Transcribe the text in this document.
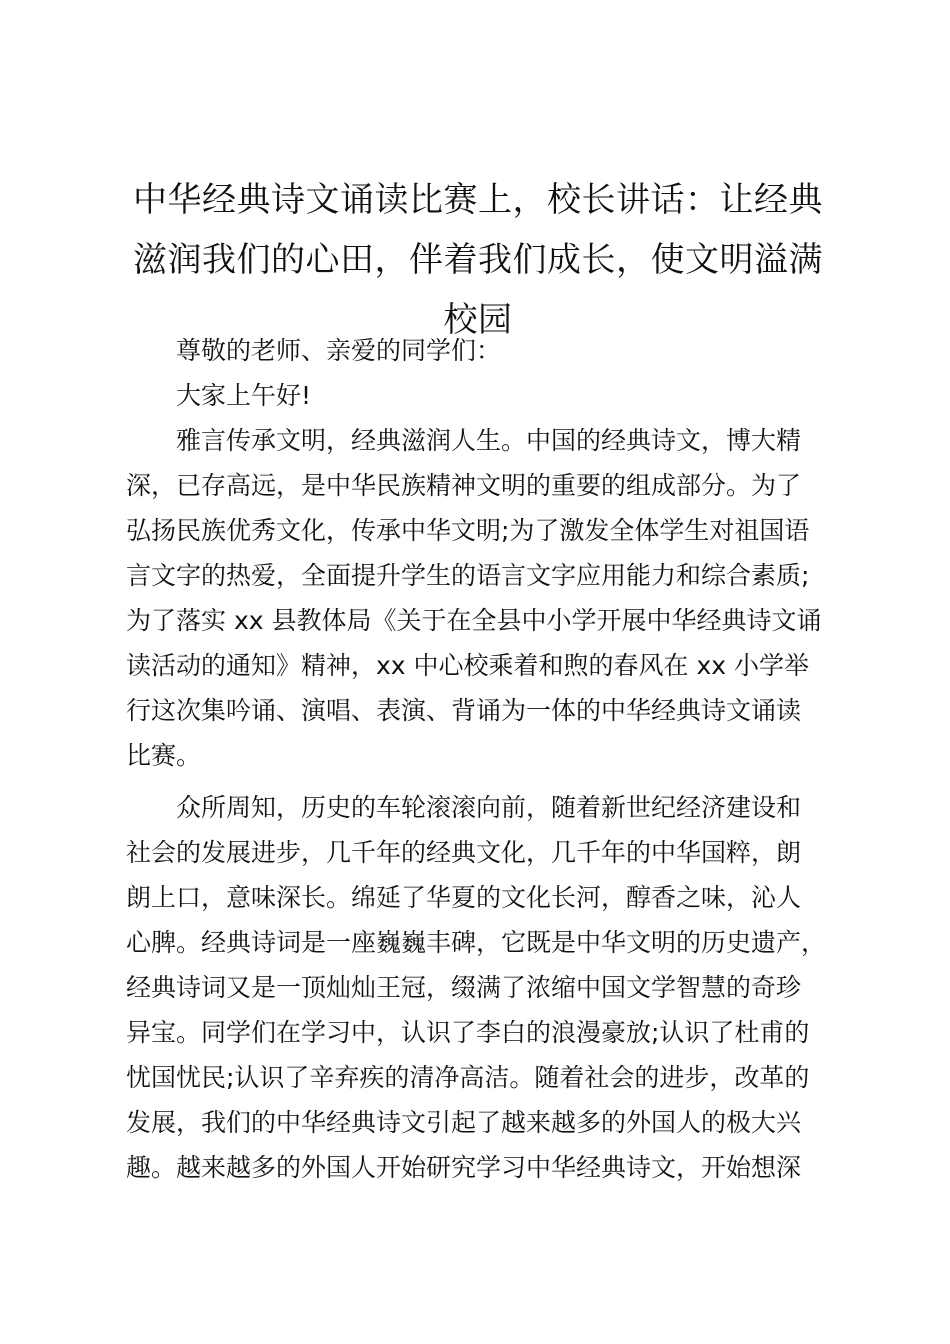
中华经典诗文诵读比赛上，校长讲话：让经典
滋润我们的心田，伴着我们成长，使文明溢满
校园

尊敬的老师、亲爱的同学们：

大家上午好!

雅言传承文明，经典滋润人生。中国的经典诗文，博大精
深，已存高远，是中华民族精神文明的重要的组成部分。为了
弘扬民族优秀文化，传承中华文明;为了激发全体学生对祖国语
言文字的热爱，全面提升学生的语言文字应用能力和综合素质;
为了落实 xx 县教体局《关于在全县中小学开展中华经典诗文诵
读活动的通知》精神，xx 中心校乘着和煦的春风在 xx 小学举
行这次集吟诵、演唱、表演、背诵为一体的中华经典诗文诵读
比赛。

众所周知，历史的车轮滚滚向前，随着新世纪经济建设和
社会的发展进步，几千年的经典文化，几千年的中华国粹，朗
朗上口，意味深长。绵延了华夏的文化长河，醇香之味，沁人
心脾。经典诗词是一座巍巍丰碑，它既是中华文明的历史遗产，
经典诗词又是一顶灿灿王冠，缀满了浓缩中国文学智慧的奇珍
异宝。同学们在学习中，认识了李白的浪漫豪放;认识了杜甫的
忧国忧民;认识了辛弃疾的清净高洁。随着社会的进步，改革的
发展，我们的中华经典诗文引起了越来越多的外国人的极大兴
趣。越来越多的外国人开始研究学习中华经典诗文，开始想深
